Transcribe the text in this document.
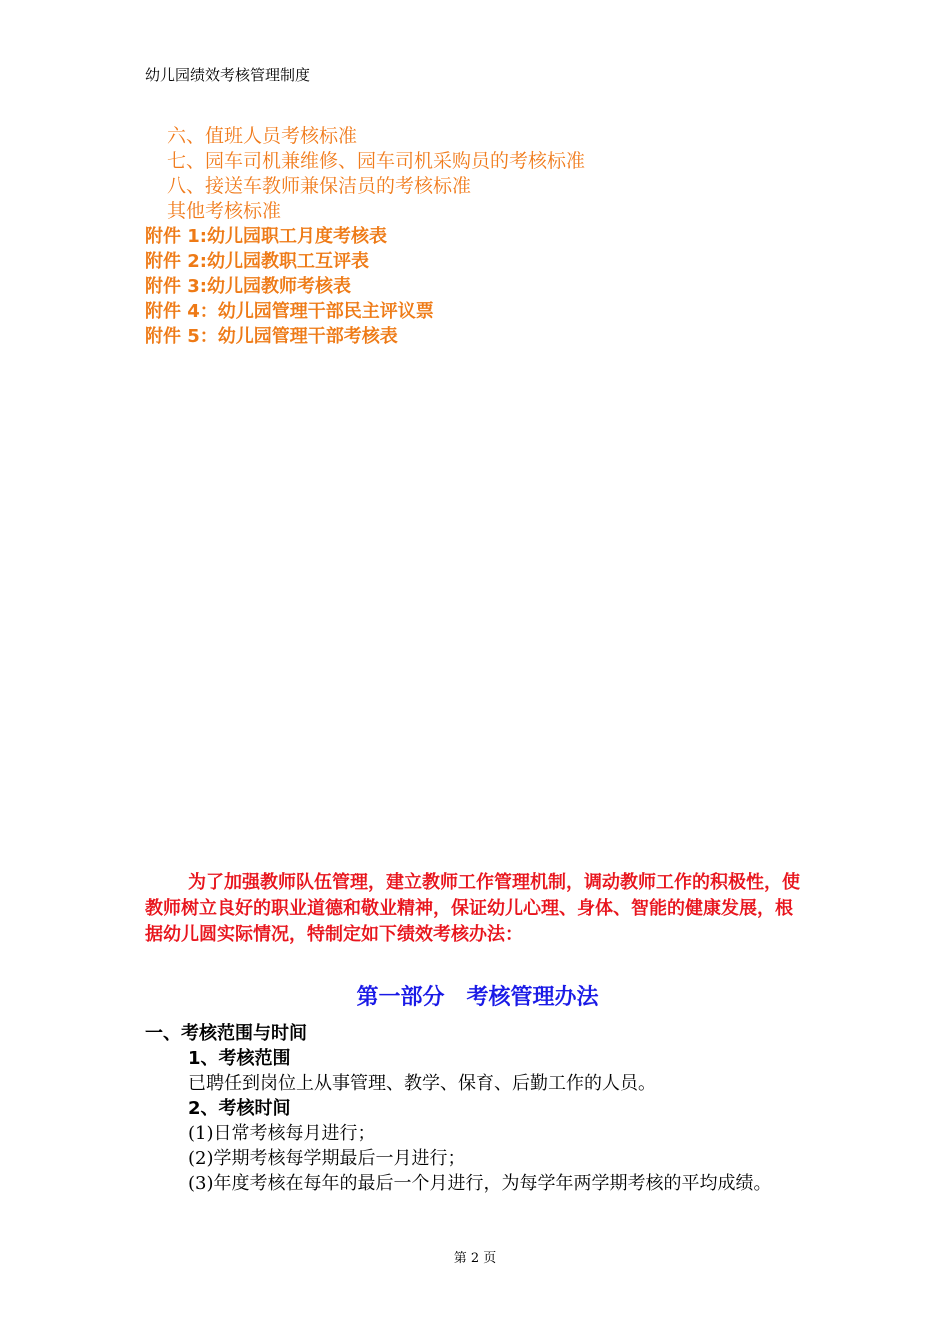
幼儿园绩效考核管理制度
六、值班人员考核标准
七、园车司机兼维修、园车司机采购员的考核标准
八、接送车教师兼保洁员的考核标准
其他考核标准
附件 1:幼儿园职工月度考核表
附件 2:幼儿园教职工互评表
附件 3:幼儿园教师考核表
附件 4：幼儿园管理干部民主评议票
附件 5：幼儿园管理干部考核表

为了加强教师队伍管理，建立教师工作管理机制，调动教师工作的积极性，使教师树立良好的职业道德和敬业精神，保证幼儿心理、身体、智能的健康发展，根据幼儿圆实际情况，特制定如下绩效考核办法：

第一部分　考核管理办法
一、考核范围与时间
1、考核范围
已聘任到岗位上从事管理、教学、保育、后勤工作的人员。
2、考核时间
(1)日常考核每月进行；
(2)学期考核每学期最后一月进行；
(3)年度考核在每年的最后一个月进行，为每学年两学期考核的平均成绩。
第 2 页
